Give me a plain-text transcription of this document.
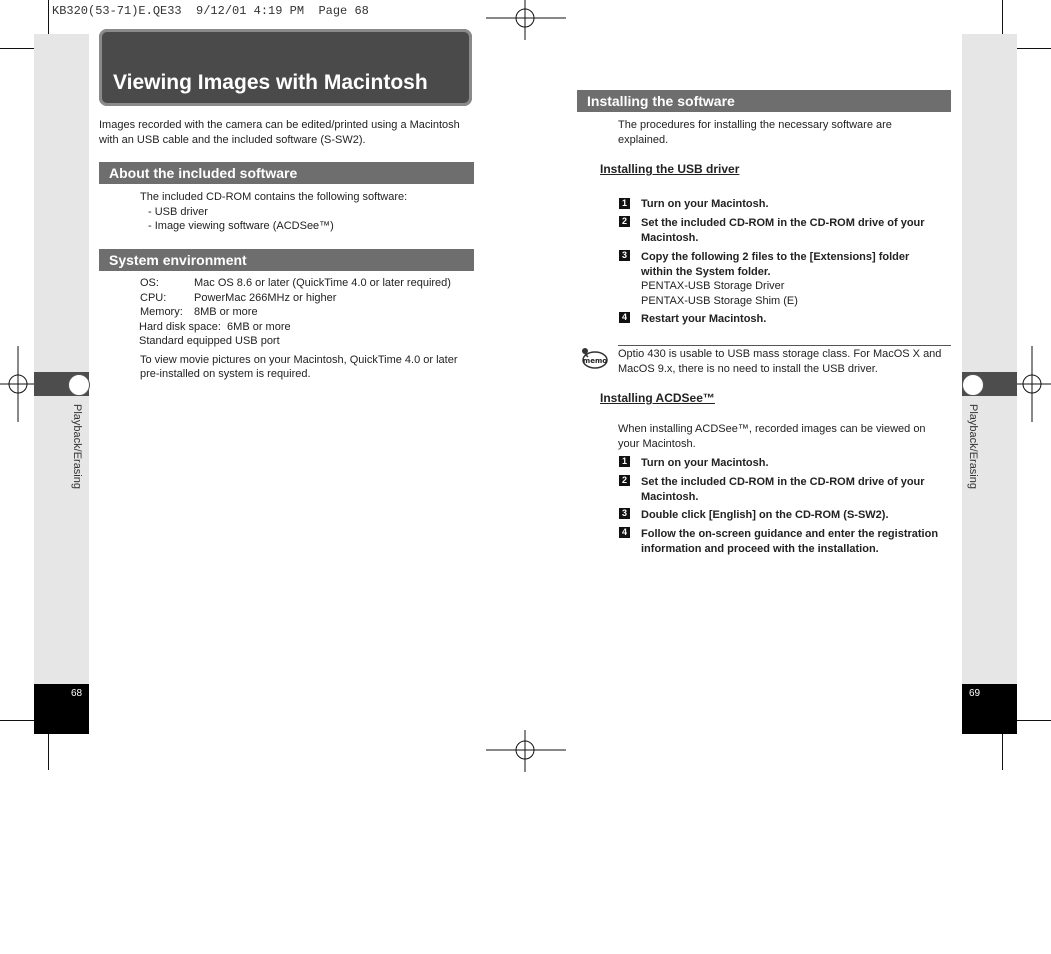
KB320(53-71)E.QE33  9/12/01 4:19 PM  Page 68
68
Playback/Erasing
69
Playback/Erasing
Viewing Images with Macintosh
Images recorded with the camera can be edited/printed using a Macintosh
with an USB cable and the included software (S-SW2).
About the included software
The included CD-ROM contains the following software:
- USB driver
- Image viewing software (ACDSee™)
System environment
OS:	Mac OS 8.6 or later (QuickTime 4.0 or later required)
CPU:	PowerMac 266MHz or higher
Memory: 8MB or more
Hard disk space:  6MB or more
Standard equipped USB port
To view movie pictures on your Macintosh, QuickTime 4.0 or later
pre-installed on system is required.
Installing the software
The procedures for installing the necessary software are
explained.
Installing the USB driver
1 Turn on your Macintosh.
2 Set the included CD-ROM in the CD-ROM drive of your
Macintosh.
3 Copy the following 2 files to the [Extensions] folder
within the System folder.
PENTAX-USB Storage Driver
PENTAX-USB Storage Shim (E)
4 Restart your Macintosh.
memo
Optio 430 is usable to USB mass storage class. For MacOS X and
MacOS 9.x, there is no need to install the USB driver.
Installing ACDSee™
When installing ACDSee™, recorded images can be viewed on
your Macintosh.
1 Turn on your Macintosh.
2 Set the included CD-ROM in the CD-ROM drive of your
Macintosh.
3 Double click [English] on the CD-ROM (S-SW2).
4 Follow the on-screen guidance and enter the registration
information and proceed with the installation.
